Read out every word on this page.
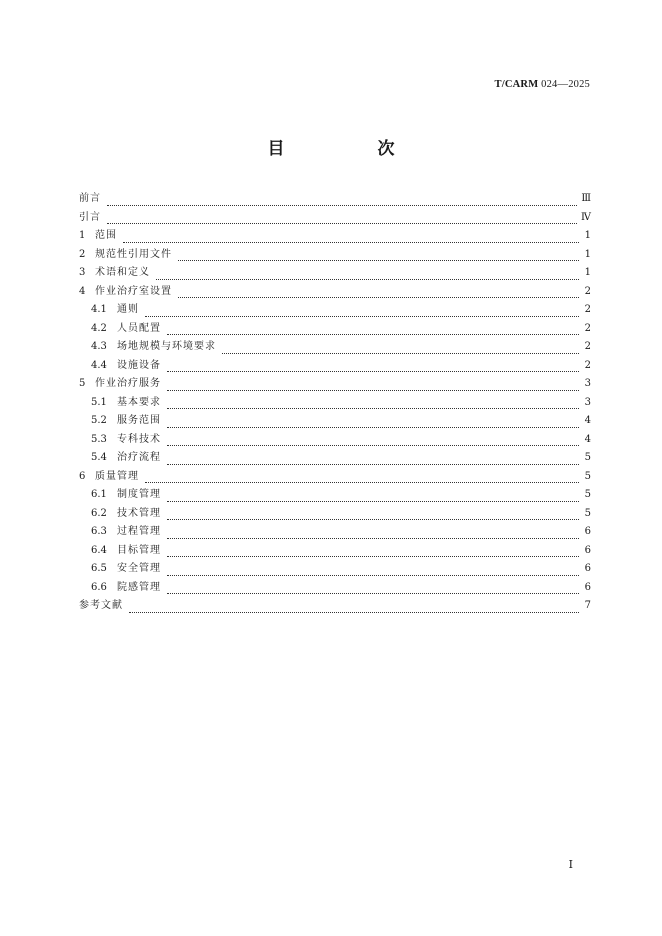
T/CARM 024—2025
目　次
前言	Ⅲ
引言	Ⅳ
1 范围	1
2 规范性引用文件	1
3 术语和定义	1
4 作业治疗室设置	2
4.1	通则	2
4.2	人员配置	2
4.3	场地规模与环境要求	2
4.4	设施设备	2
5 作业治疗服务	3
5.1	基本要求	3
5.2	服务范围	4
5.3	专科技术	4
5.4	治疗流程	5
6 质量管理	5
6.1	制度管理	5
6.2	技术管理	5
6.3	过程管理	6
6.4	目标管理	6
6.5	安全管理	6
6.6	院感管理	6
参考文献	7
I
